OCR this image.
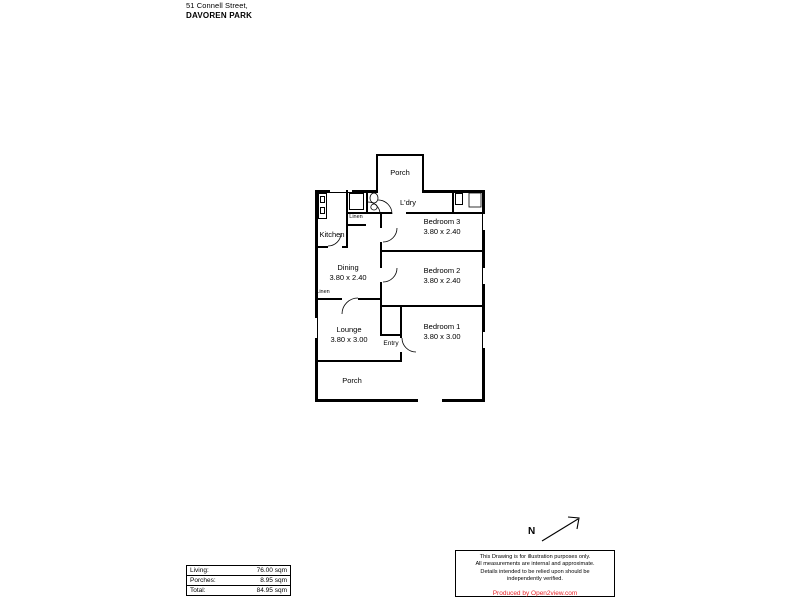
51 Connell Street,
DAVOREN PARK
Porch
L'dry
Kitchen
Linen
Linen
Dining
3.80 x 2.40
Bedroom 3
3.80 x 2.40
Bedroom 2
3.80 x 2.40
Bedroom 1
3.80 x 3.00
Lounge
3.80 x 3.00	Entry
Porch
N

This Drawing is for illustration purposes only.

All measurements are internal and approximate.

Details intended to be relied upon should be

independently verified.

Produced by Open2view.com
Living:	76.00 sqm
Porches:	8.95 sqm
Total:	84.95 sqm
